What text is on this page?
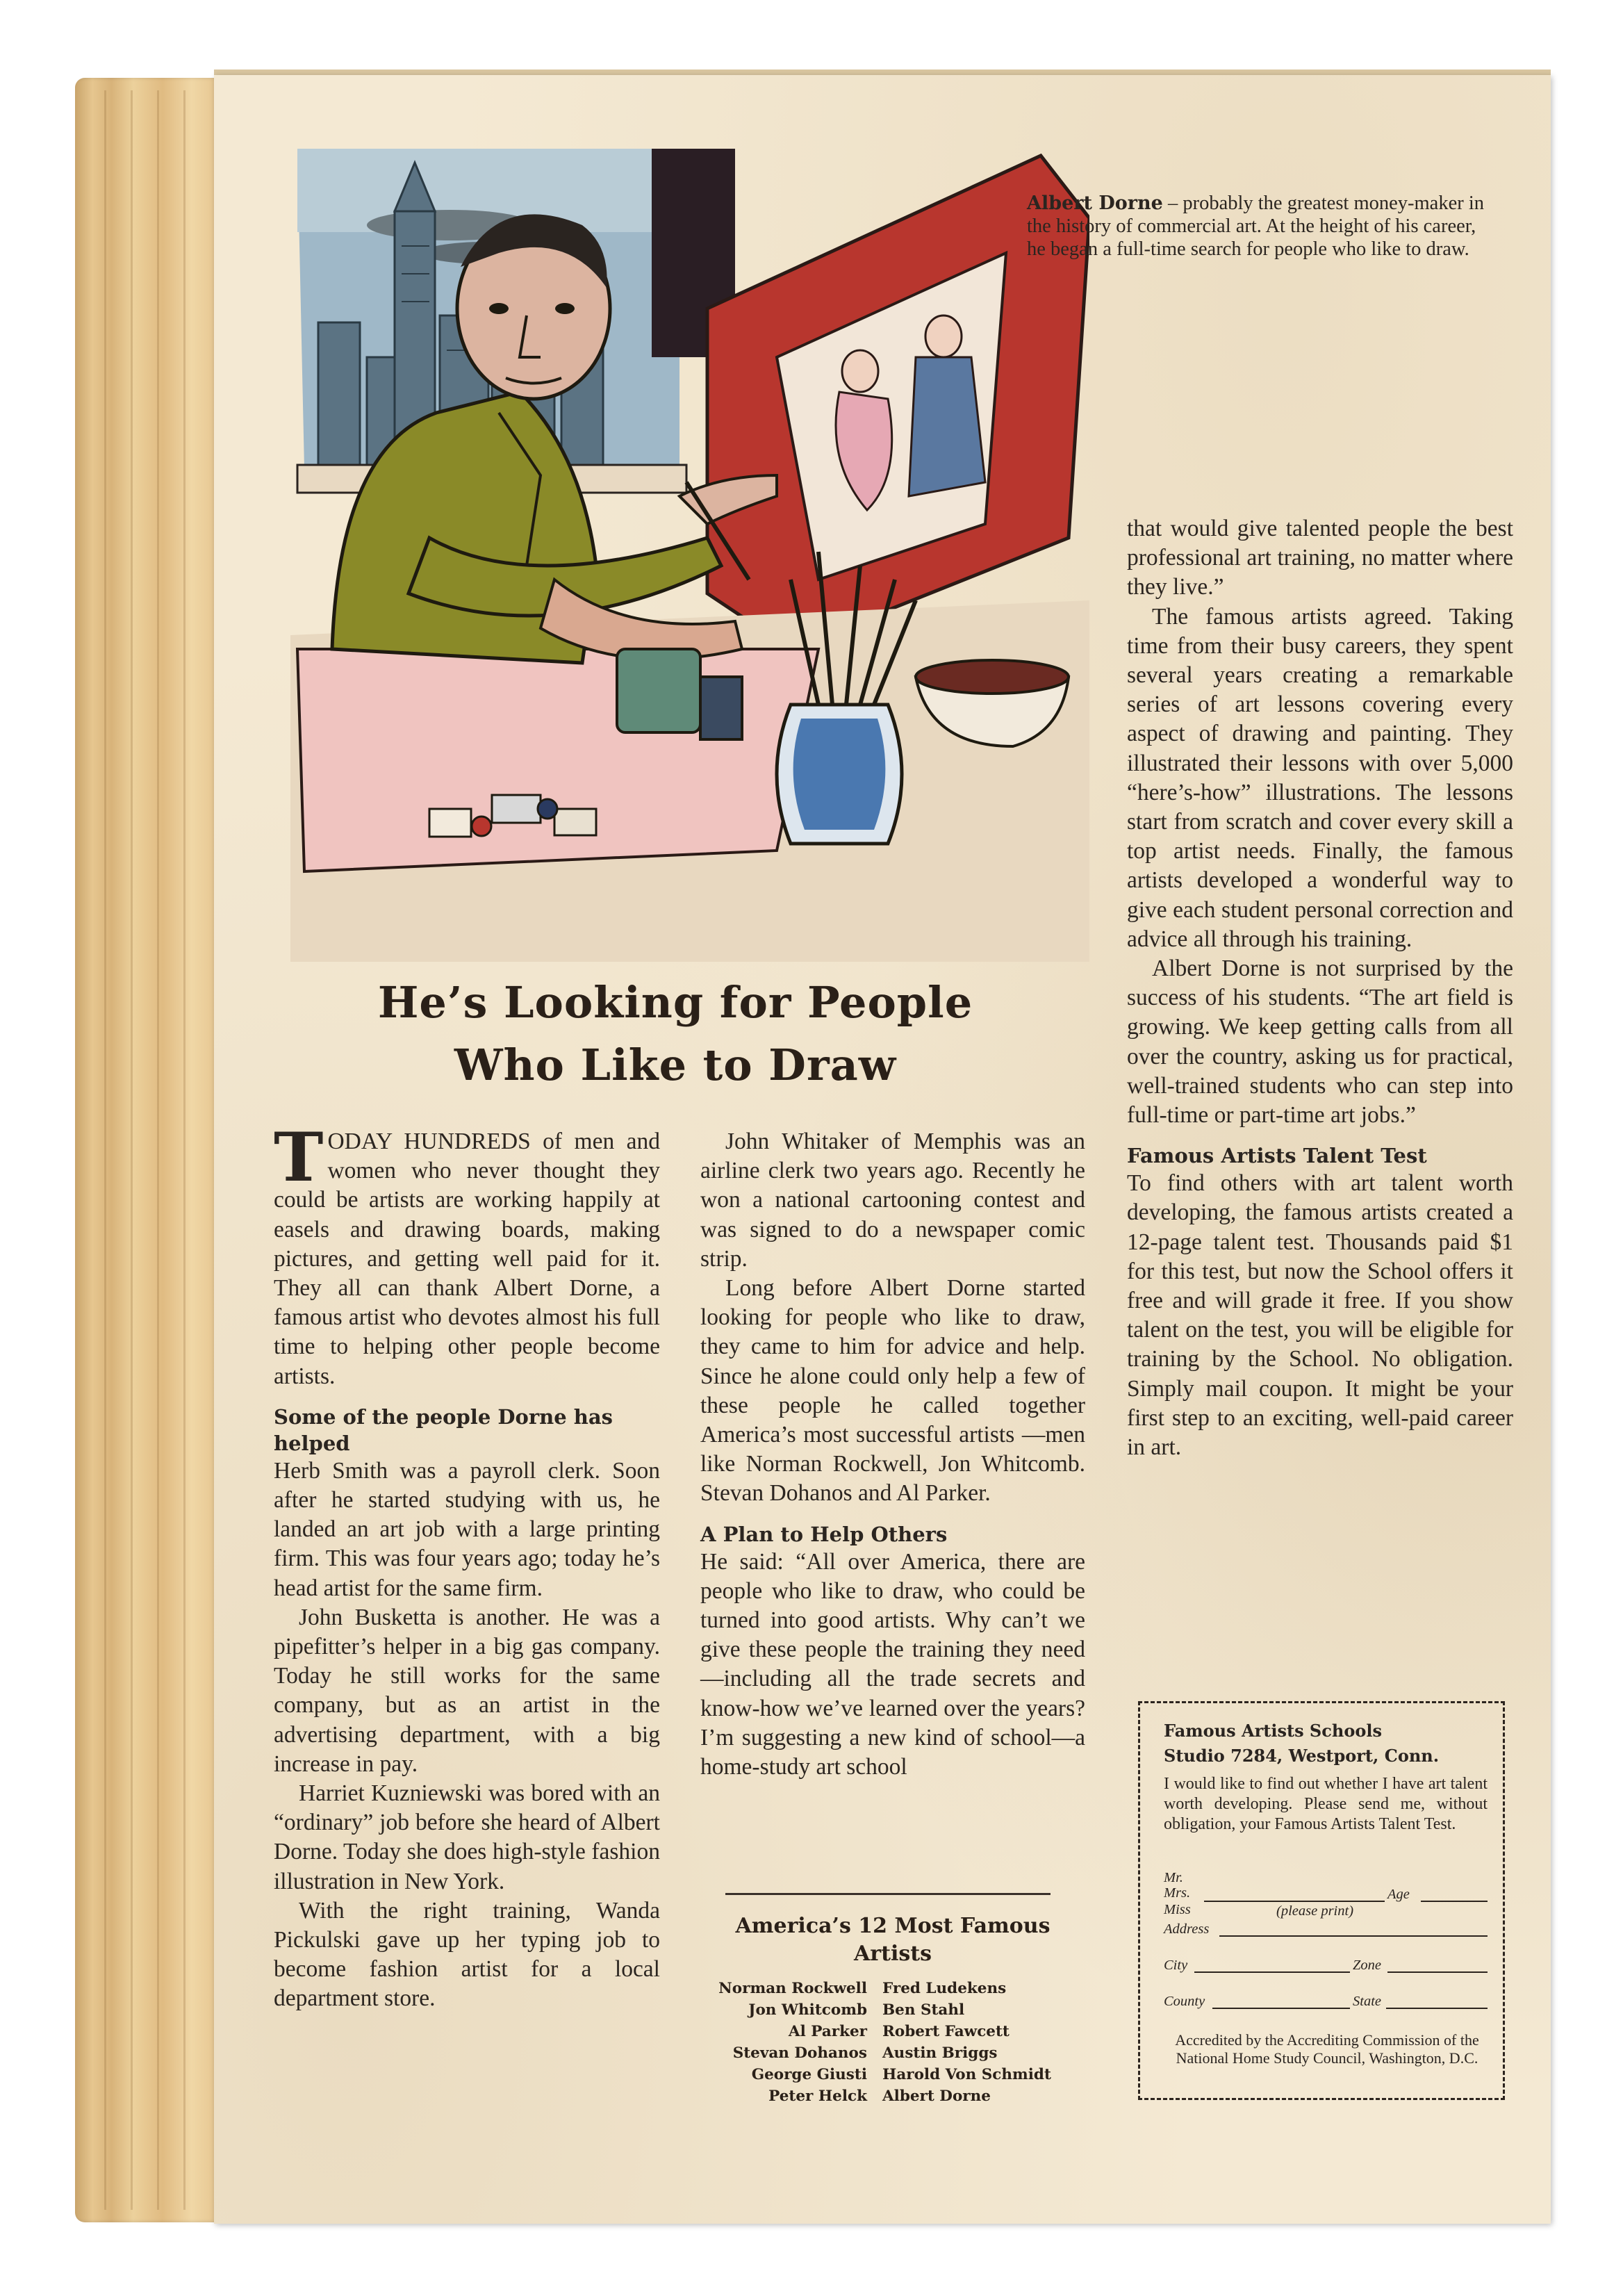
Albert Dorne – probably the greatest money-maker in the history of commercial art. At the height of his career, he began a full-time search for people who like to draw.
He’s Looking for People
Who Like to Draw

TODAY HUNDREDS of men and women who never thought they could be artists are working happily at easels and drawing boards, making pictures, and getting well paid for it. They all can thank Albert Dorne, a famous artist who devotes almost his full time to helping other people become artists.

Some of the people Dorne has helped

Herb Smith was a payroll clerk. Soon after he started studying with us, he landed an art job with a large printing firm. This was four years ago; today he’s head artist for the same firm.

John Busketta is another. He was a pipefitter’s helper in a big gas company. Today he still works for the same company, but as an artist in the advertising department, with a big increase in pay.

Harriet Kuzniewski was bored with an “ordinary” job before she heard of Albert Dorne. Today she does high-style fashion illustration in New York.

With the right training, Wanda Pickulski gave up her typing job to become fashion artist for a local department store.

John Whitaker of Memphis was an airline clerk two years ago. Recently he won a national cartooning contest and was signed to do a newspaper comic strip.

Long before Albert Dorne started looking for people who like to draw, they came to him for advice and help. Since he alone could only help a few of these people he called together America’s most successful artists —men like Norman Rockwell, Jon Whitcomb. Stevan Dohanos and Al Parker.

A Plan to Help Others

He said: “All over America, there are people who like to draw, who could be turned into good artists. Why can’t we give these people the training they need—including all the trade secrets and know-how we’ve learned over the years? I’m suggesting a new kind of school—a home-study art school

America’s 12 Most Famous Artists
Norman Rockwell	Fred Ludekens
Jon Whitcomb	Ben Stahl
Al Parker	Robert Fawcett
Stevan Dohanos	Austin Briggs
George Giusti	Harold Von Schmidt
Peter Helck	Albert Dorne

that would give talented people the best professional art training, no matter where they live.”

The famous artists agreed. Taking time from their busy careers, they spent several years creating a remarkable series of art lessons covering every aspect of drawing and painting. They illustrated their lessons with over 5,000 “here’s-how” illustrations. The lessons start from scratch and cover every skill a top artist needs. Finally, the famous artists developed a wonderful way to give each student personal correction and advice all through his training.

Albert Dorne is not surprised by the success of his students. “The art field is growing. We keep getting calls from all over the country, asking us for practical, well-trained students who can step into full-time or part-time art jobs.”

Famous Artists Talent Test

To find others with art talent worth developing, the famous artists created a 12-page talent test. Thousands paid $1 for this test, but now the School offers it free and will grade it free. If you show talent on the test, you will be eligible for training by the School. No obligation. Simply mail coupon. It might be your first step to an exciting, well-paid career in art.

Famous Artists Schools
Studio 7284, Westport, Conn.
I would like to find out whether I have art talent worth developing. Please send me, without obligation, your Famous Artists Talent Test.
Mr.
Mrs.	Age
Miss	(please print)
Address
City	Zone
County	State
Accredited by the Accrediting Commission of the National Home Study Council, Washington, D.C.
